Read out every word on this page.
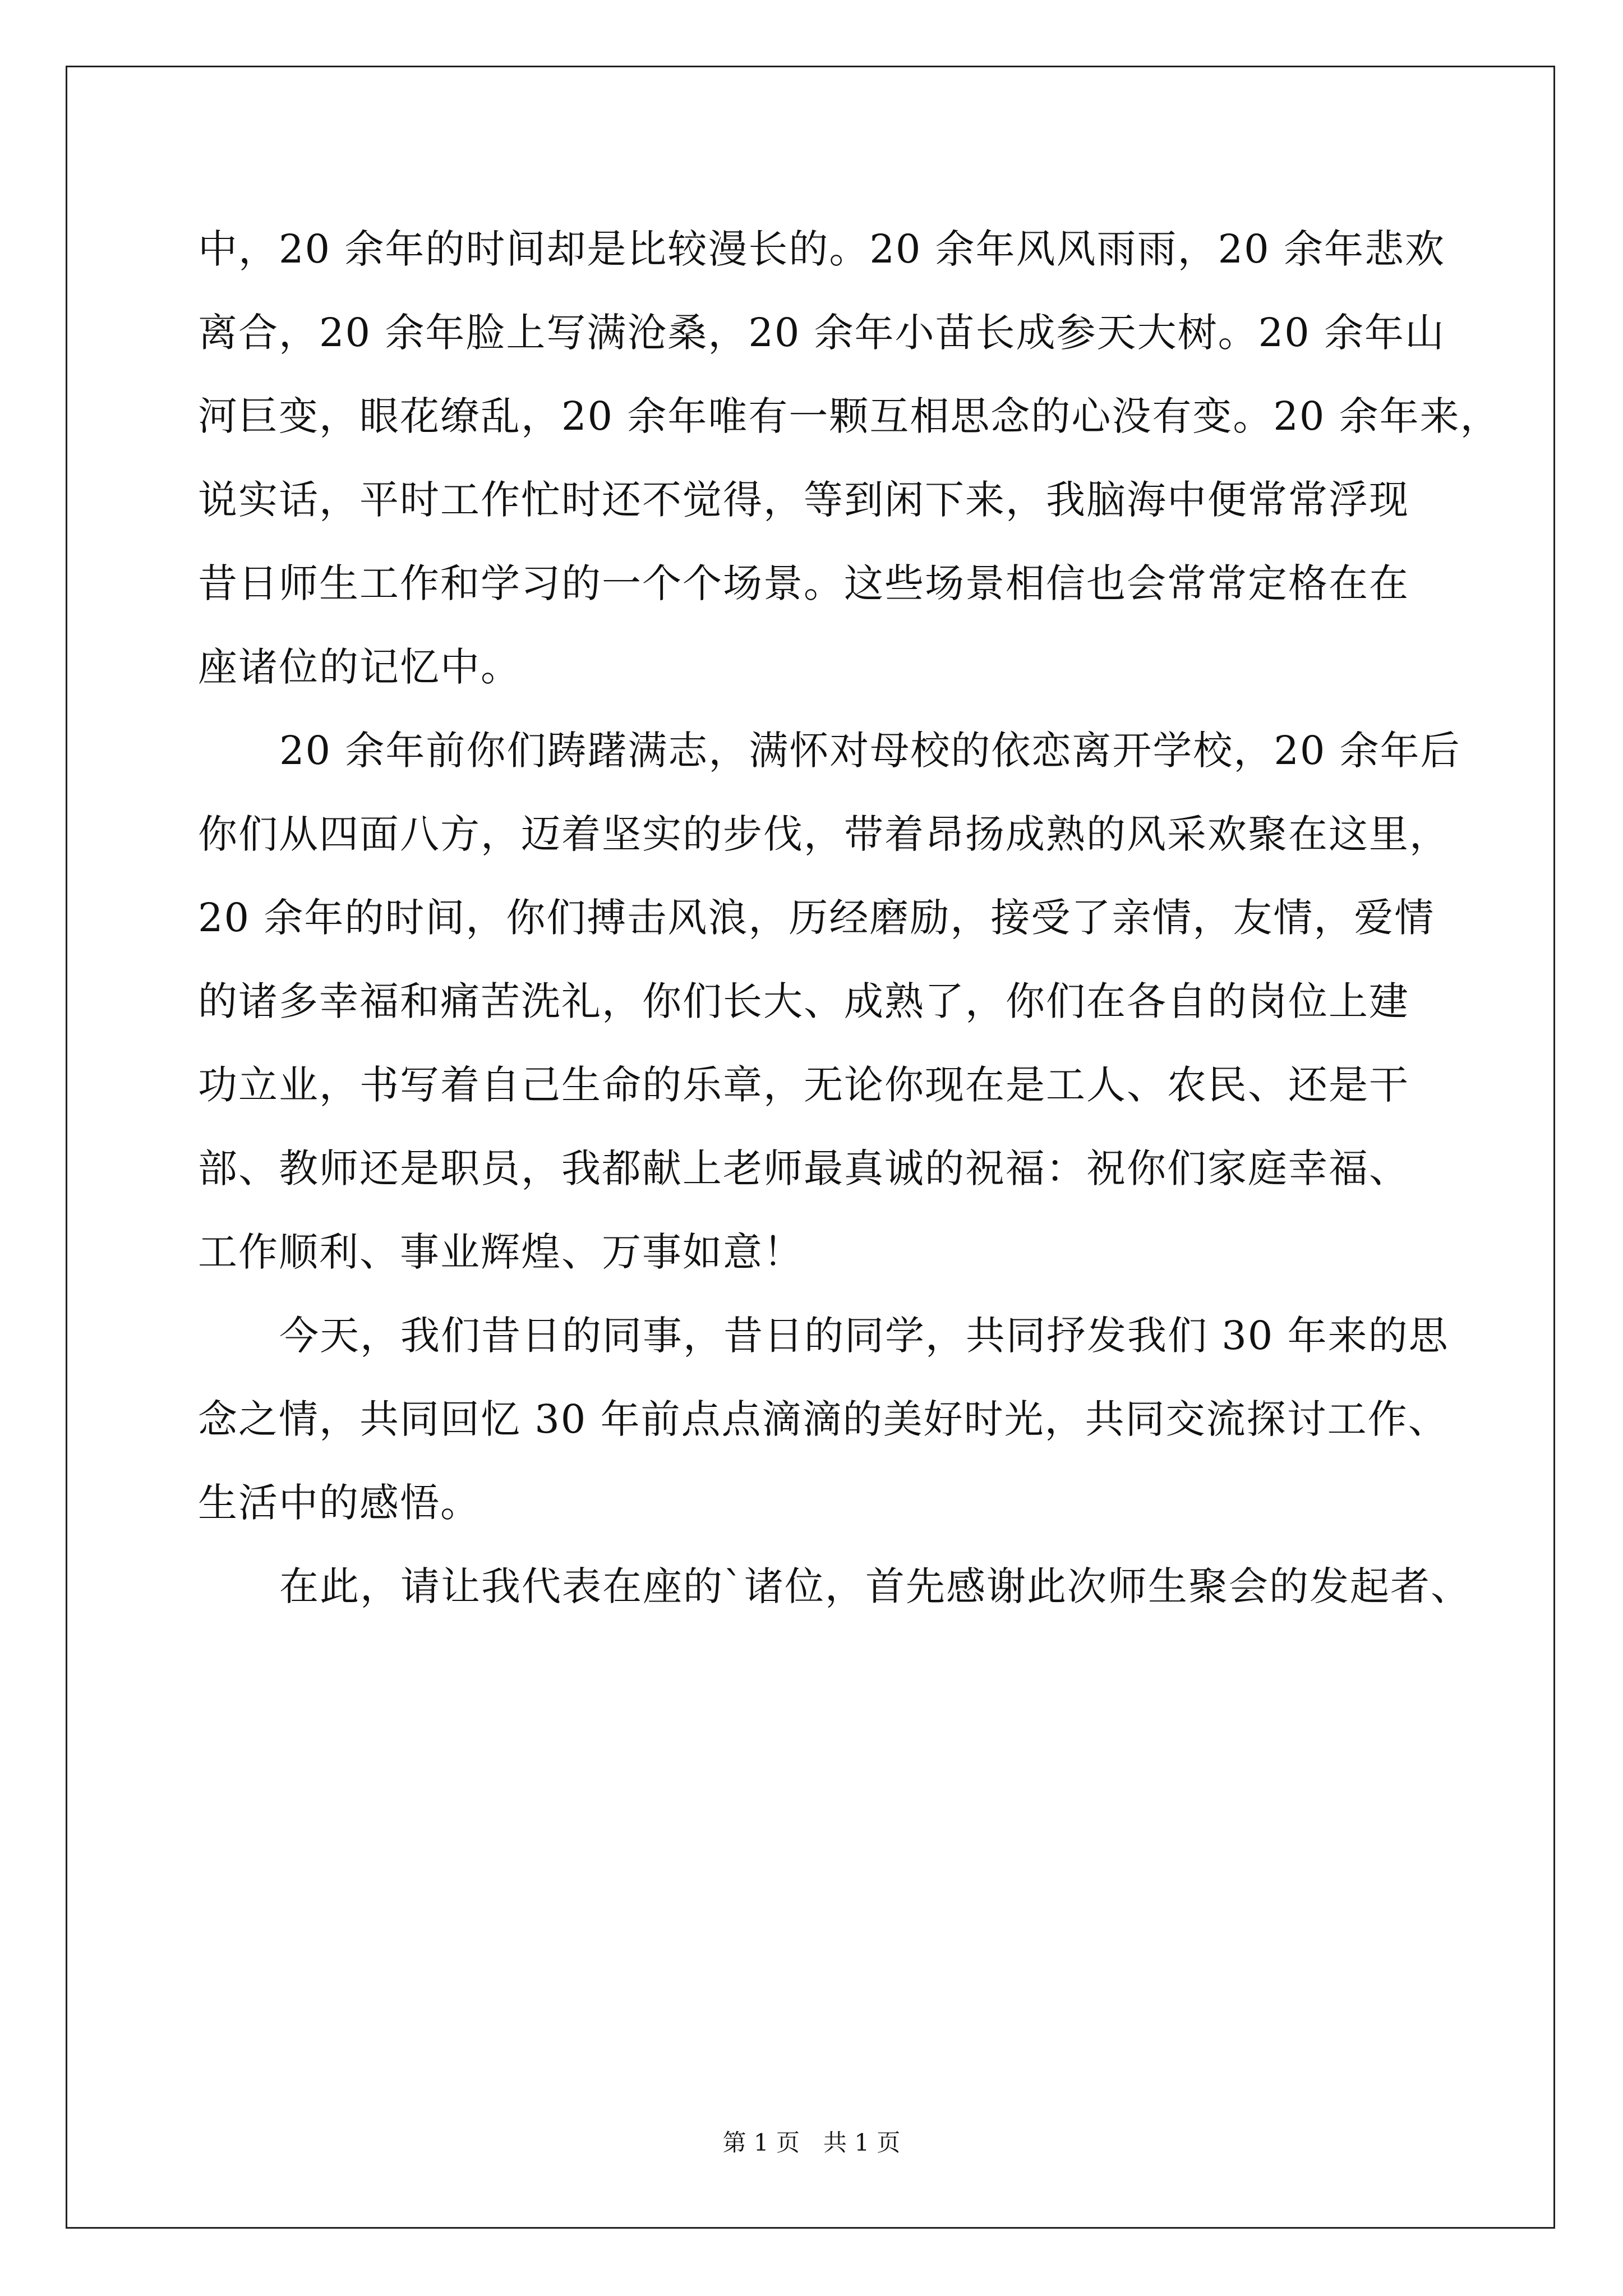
中，20 余年的时间却是比较漫长的。20 余年风风雨雨，20 余年悲欢
离合，20 余年脸上写满沧桑，20 余年小苗长成参天大树。20 余年山
河巨变，眼花缭乱，20 余年唯有一颗互相思念的心没有变。20 余年来，
说实话，平时工作忙时还不觉得，等到闲下来，我脑海中便常常浮现
昔日师生工作和学习的一个个场景。这些场景相信也会常常定格在在
座诸位的记忆中。
20 余年前你们踌躇满志，满怀对母校的依恋离开学校，20 余年后
你们从四面八方，迈着坚实的步伐，带着昂扬成熟的风采欢聚在这里，
20 余年的时间，你们搏击风浪，历经磨励，接受了亲情，友情，爱情
的诸多幸福和痛苦洗礼，你们长大、成熟了，你们在各自的岗位上建
功立业，书写着自己生命的乐章，无论你现在是工人、农民、还是干
部、教师还是职员，我都献上老师最真诚的祝福：祝你们家庭幸福、
工作顺利、事业辉煌、万事如意！
今天，我们昔日的同事，昔日的同学，共同抒发我们 30 年来的思
念之情，共同回忆 30 年前点点滴滴的美好时光，共同交流探讨工作、
生活中的感悟。
在此，请让我代表在座的`诸位，首先感谢此次师生聚会的发起者、
第 1 页　共 1 页
